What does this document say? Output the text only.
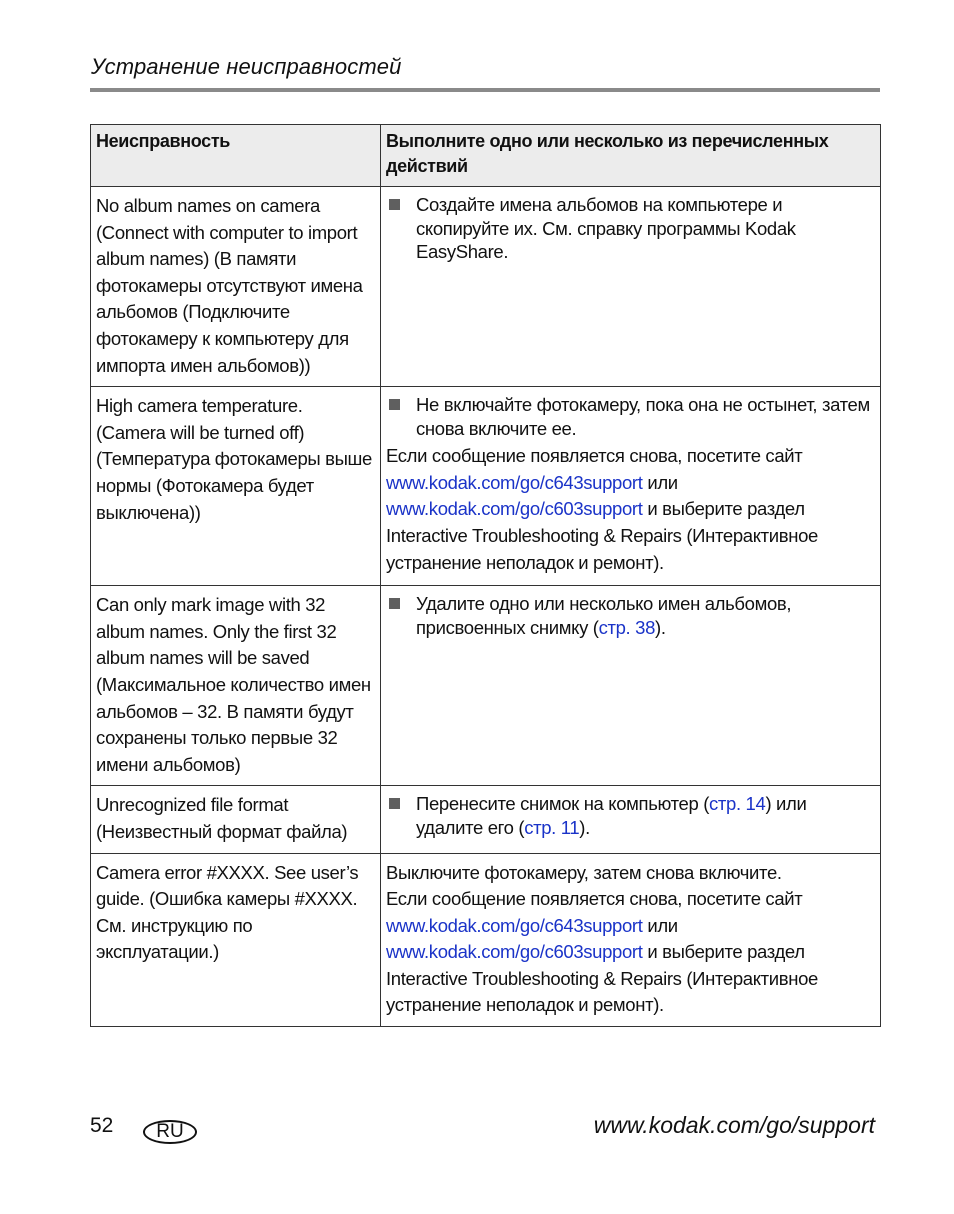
Устранение неисправностей
Неисправность	Выполните одно или несколько из перечисленных действий
No album names on camera (Connect with computer to import album names) (В памяти фотокамеры отсутствуют имена альбомов (Подключите фотокамеру к компьютеру для импорта имен альбомов))	Создайте имена альбомов на компьютере и скопируйте их. См. справку программы Kodak EasyShare.

High camera temperature. (Camera will be turned off) (Температура фотокамеры выше нормы (Фотокамера будет выключена))	Не включайте фотокамеру, пока она не остынет, затем снова включите ее.
Если сообщение появляется снова, посетите сайт www.kodak.com/go/c643support или www.kodak.com/go/c603support и выберите раздел Interactive Troubleshooting & Repairs (Интерактивное устранение неполадок и ремонт).

Can only mark image with 32 album names. Only the first 32 album names will be saved (Максимальное количество имен альбомов – 32. В памяти будут сохранены только первые 32 имени альбомов)	Удалите одно или несколько имен альбомов, присвоенных снимку (стр. 38).

Unrecognized file format (Неизвестный формат файла)	Перенесите снимок на компьютер (стр. 14) или удалите его (стр. 11).

Camera error #XXXX. See user’s guide. (Ошибка камеры #XXXX. См. инструкцию по эксплуатации.)	Выключите фотокамеру, затем снова включите.
Если сообщение появляется снова, посетите сайт www.kodak.com/go/c643support или www.kodak.com/go/c603support и выберите раздел Interactive Troubleshooting & Repairs (Интерактивное устранение неполадок и ремонт).
52	RU	www.kodak.com/go/support
